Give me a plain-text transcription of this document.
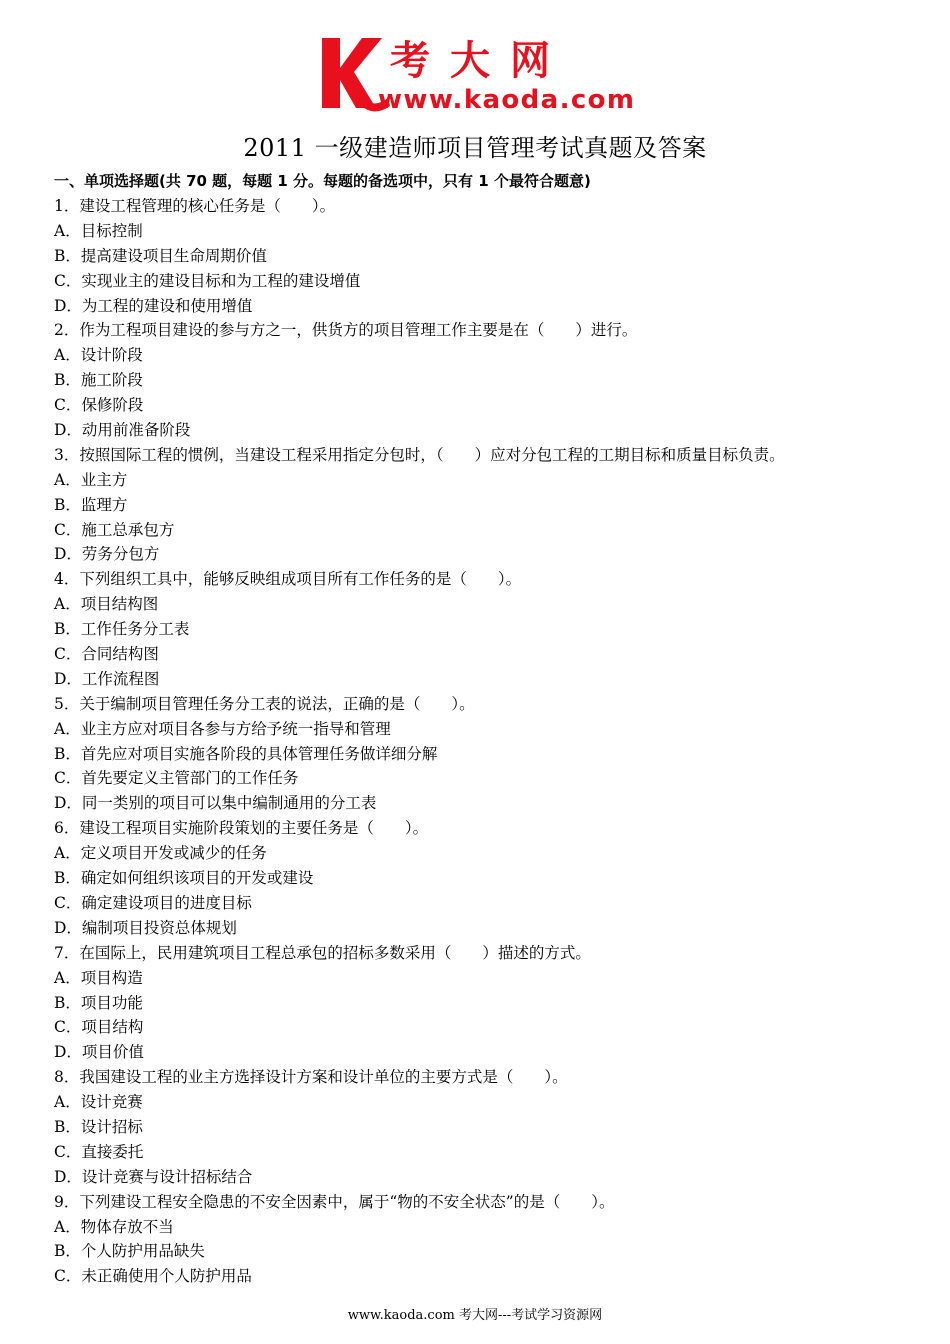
考大网
www.kaoda.com
2011 一级建造师项目管理考试真题及答案
一、单项选择题(共 70 题，每题 1 分。每题的备选项中，只有 1 个最符合题意)
1．建设工程管理的核心任务是（　　）。
A．目标控制
B．提高建设项目生命周期价值
C．实现业主的建设目标和为工程的建设增值
D．为工程的建设和使用增值
2．作为工程项目建设的参与方之一，供货方的项目管理工作主要是在（　　）进行。
A．设计阶段
B．施工阶段
C．保修阶段
D．动用前准备阶段
3．按照国际工程的惯例，当建设工程采用指定分包时，（　　）应对分包工程的工期目标和质量目标负责。
A．业主方
B．监理方
C．施工总承包方
D．劳务分包方
4．下列组织工具中，能够反映组成项目所有工作任务的是（　　）。
A．项目结构图
B．工作任务分工表
C．合同结构图
D．工作流程图
5．关于编制项目管理任务分工表的说法，正确的是（　　）。
A．业主方应对项目各参与方给予统一指导和管理
B．首先应对项目实施各阶段的具体管理任务做详细分解
C．首先要定义主管部门的工作任务
D．同一类别的项目可以集中编制通用的分工表
6．建设工程项目实施阶段策划的主要任务是（　　）。
A．定义项目开发或减少的任务
B．确定如何组织该项目的开发或建设
C．确定建设项目的进度目标
D．编制项目投资总体规划
7．在国际上，民用建筑项目工程总承包的招标多数采用（　　）描述的方式。
A．项目构造
B．项目功能
C．项目结构
D．项目价值
8．我国建设工程的业主方选择设计方案和设计单位的主要方式是（　　）。
A．设计竞赛
B．设计招标
C．直接委托
D．设计竞赛与设计招标结合
9．下列建设工程安全隐患的不安全因素中，属于“物的不安全状态”的是（　　）。
A．物体存放不当
B．个人防护用品缺失
C．未正确使用个人防护用品
www.kaoda.com 考大网---考试学习资源网
